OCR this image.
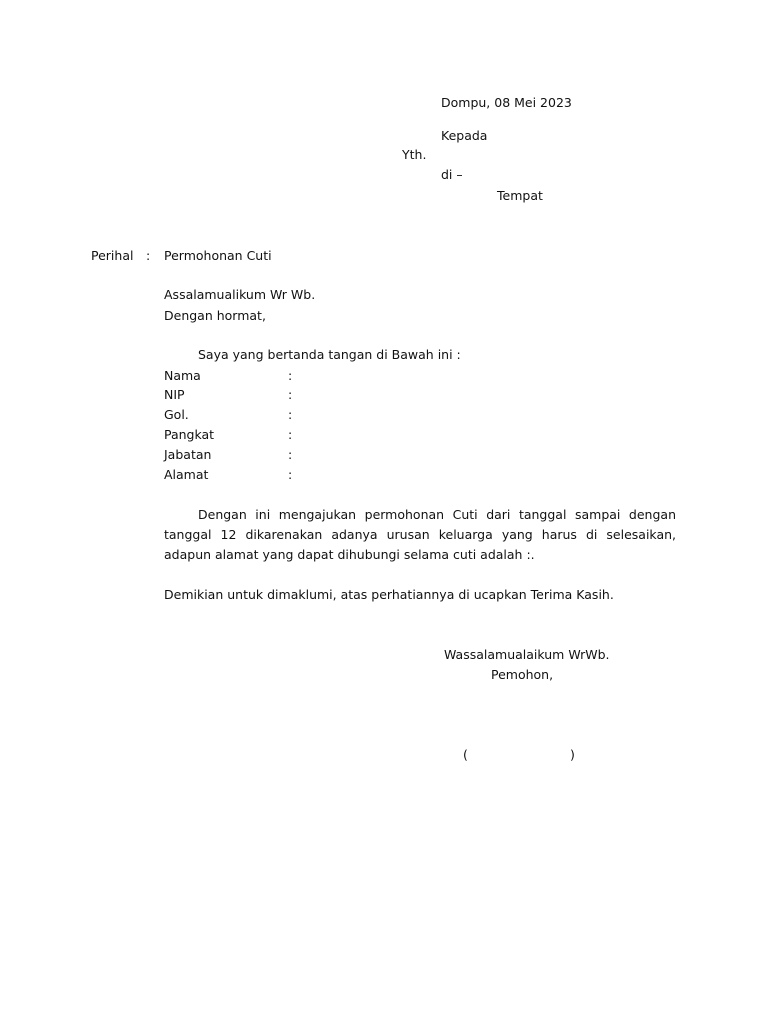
Dompu, 08 Mei 2023
Kepada
Yth.
di –
Tempat
Perihal : Permohonan Cuti
Assalamualikum Wr Wb.
Dengan hormat,
Saya yang bertanda tangan di Bawah ini :
Nama	:
NIP	:
Gol.	:
Pangkat	:
Jabatan	:
Alamat	:
Dengan ini mengajukan permohonan Cuti dari tanggal sampai dengan tanggal 12 dikarenakan adanya urusan keluarga yang harus di selesaikan, adapun alamat yang dapat dihubungi selama cuti adalah :.
Demikian untuk dimaklumi, atas perhatiannya di ucapkan Terima Kasih.
Wassalamualaikum WrWb.
Pemohon,
(	)
